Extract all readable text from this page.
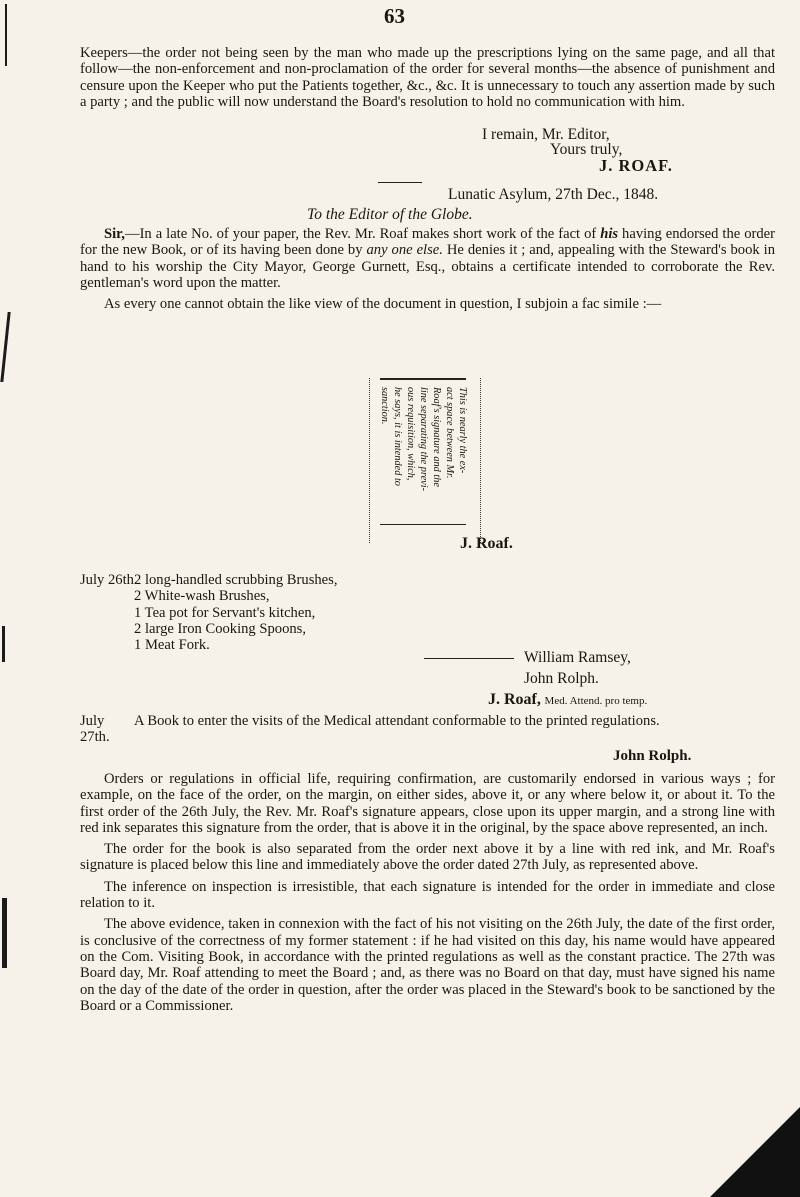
63

Keepers—the order not being seen by the man who made up the prescriptions lying on the same page, and all that follow—the non-enforcement and non-proclamation of the order for several months—the absence of punishment and censure upon the Keeper who put the Patients together, &c., &c. It is unnecessary to touch any assertion made by such a party ; and the public will now understand the Board's resolution to hold no communication with him.

I remain, Mr. Editor,
Yours truly,
J. ROAF.
Lunatic Asylum, 27th Dec., 1848.
To the Editor of the Globe.

Sir,—In a late No. of your paper, the Rev. Mr. Roaf makes short work of the fact of his having endorsed the order for the new Book, or of its having been done by any one else. He denies it ; and, appealing with the Steward's book in hand to his worship the City Mayor, George Gurnett, Esq., obtains a certificate intended to corroborate the Rev. gentleman's word upon the matter.

As every one cannot obtain the like view of the document in question, I subjoin a fac simile :—

This is nearly the ex-
act space between Mr.
Roaf's signature and the
line separating the previ-
ous requisition, which,
he says, it is intended to
sanction.
J. Roaf.
July 26th.2 long-handled scrubbing Brushes,
2 White-wash Brushes,
1 Tea pot for Servant's kitchen,
2 large Iron Cooking Spoons,
1 Meat Fork.
William Ramsey,
John Rolph.
J. Roaf, Med. Attend. pro temp.
July 27th.
A Book to enter the visits of the Medical attendant conformable to the printed regulations.
John Rolph.

Orders or regulations in official life, requiring confirmation, are customarily endorsed in various ways ; for example, on the face of the order, on the margin, on either sides, above it, or any where below it, or about it. To the first order of the 26th July, the Rev. Mr. Roaf's signature appears, close upon its upper margin, and a strong line with red ink separates this signature from the order, that is above it in the original, by the space above represented, an inch.

The order for the book is also separated from the order next above it by a line with red ink, and Mr. Roaf's signature is placed below this line and immediately above the order dated 27th July, as represented above.

The inference on inspection is irresistible, that each signature is intended for the order in immediate and close relation to it.

The above evidence, taken in connexion with the fact of his not visiting on the 26th July, the date of the first order, is conclusive of the correctness of my former statement : if he had visited on this day, his name would have appeared on the Com. Visiting Book, in accordance with the printed regulations as well as the constant practice. The 27th was Board day, Mr. Roaf attending to meet the Board ; and, as there was no Board on that day, must have signed his name on the day of the date of the order in question, after the order was placed in the Steward's book to be sanctioned by the Board or a Commissioner.
